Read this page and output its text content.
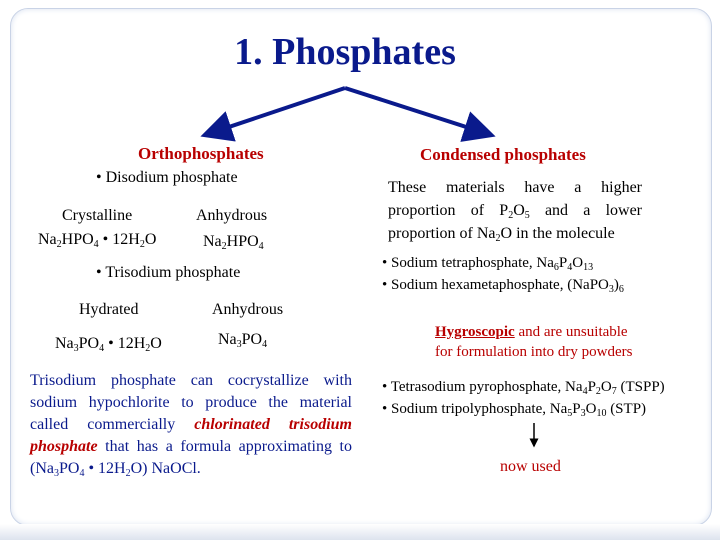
1. Phosphates
Orthophosphates
• Disodium phosphate
Crystalline
$Na_2HPO_4$ • $12H_2O$
Anhydrous
$Na_2HPO_4$
• Trisodium phosphate
Hydrated
$Na_3PO_4$ • $12H_2O$
Anhydrous
$Na_3PO_4$
Trisodium phosphate can cocrystallize with sodium hypochlorite to produce the material called commercially chlorinated trisodium phosphate that has a formula approximating to ($Na_3PO_4$ • $12H_2O$) NaOCl.
Condensed phosphates
These materials have a higher proportion of $P_2O_5$ and a lower proportion of $Na_2O$ in the molecule
• Sodium tetraphosphate, $Na_6P_4O_{13}$
• Sodium hexametaphosphate, $(NaPO_3)_6$
Hygroscopic and are unsuitable
for formulation into dry powders
• Tetrasodium pyrophosphate, $Na_4P_2O_7$ (TSPP)
• Sodium tripolyphosphate, $Na_5P_3O_{10}$ (STP)
now used
